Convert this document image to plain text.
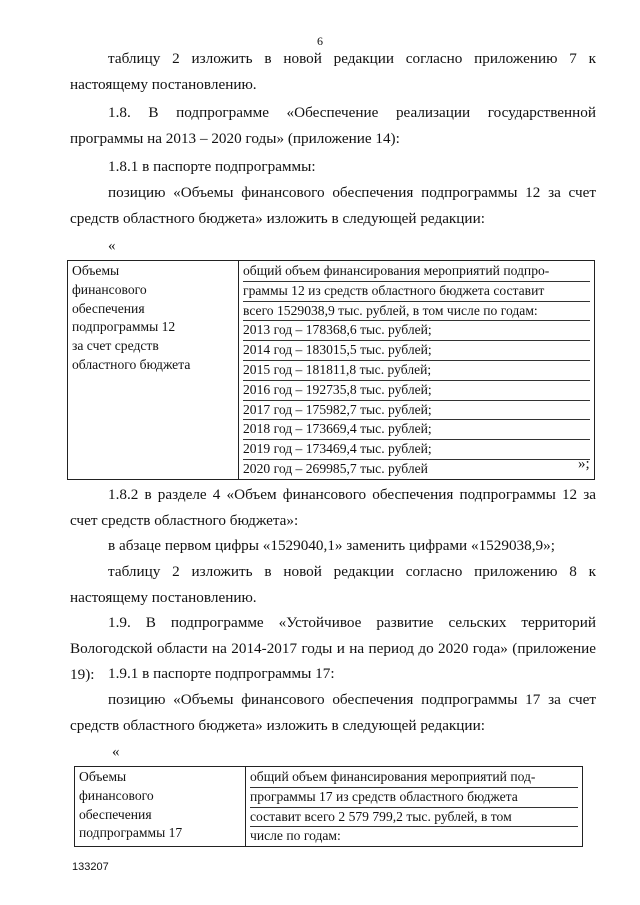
6

таблицу 2 изложить в новой редакции согласно приложению 7 к настоящему постановлению.

1.8. В подпрограмме «Обеспечение реализации государственной программы на 2013 – 2020 годы» (приложение 14):

1.8.1 в паспорте подпрограммы:

позицию «Объемы финансового обеспечения подпрограммы 12 за счет средств областного бюджета» изложить в следующей редакции:

«
Объемы
финансового
обеспечения
подпрограммы 12
за счет средств
областного бюджета

общий объем финансирования мероприятий подпро-
граммы 12 из средств областного бюджета составит
всего 1529038,9 тыс. рублей, в том числе по годам:
2013 год – 178368,6 тыс. рублей;
2014 год – 183015,5 тыс. рублей;
2015 год – 181811,8 тыс. рублей;
2016 год – 192735,8 тыс. рублей;
2017 год – 175982,7 тыс. рублей;
2018 год – 173669,4 тыс. рублей;
2019 год – 173469,4 тыс. рублей;
2020 год – 269985,7 тыс. рублей	»;

1.8.2 в разделе 4 «Объем финансового обеспечения подпрограммы 12 за счет средств областного бюджета»:

в абзаце первом цифры «1529040,1» заменить цифрами «1529038,9»;

таблицу 2 изложить в новой редакции согласно приложению 8 к настоящему постановлению.

1.9. В подпрограмме «Устойчивое развитие сельских территорий Вологодской области на 2014-2017 годы и на период до 2020 года» (приложение 19): 1.9.1 в паспорте подпрограммы 17:

позицию «Объемы финансового обеспечения подпрограммы 17 за счет средств областного бюджета» изложить в следующей редакции:

«
Объемы
финансового
обеспечения
подпрограммы 17

общий объем финансирования мероприятий под-
программы 17 из средств областного бюджета
составит всего 2 579 799,2 тыс. рублей, в том
числе по годам:
133207
